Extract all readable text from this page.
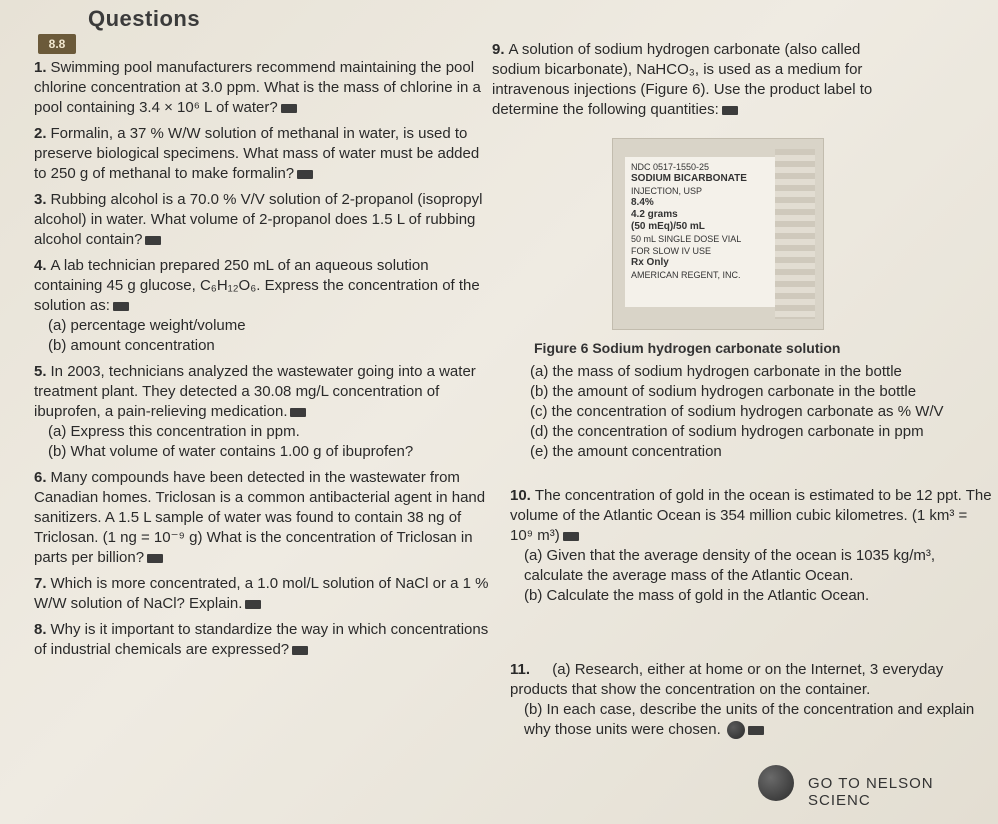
8.8
Questions
1. Swimming pool manufacturers recommend maintaining the pool chlorine concentration at 3.0 ppm. What is the mass of chlorine in a pool containing 3.4 × 10⁶ L of water?
2. Formalin, a 37 % W/W solution of methanal in water, is used to preserve biological specimens. What mass of water must be added to 250 g of methanal to make formalin?
3. Rubbing alcohol is a 70.0 % V/V solution of 2-propanol (isopropyl alcohol) in water. What volume of 2-propanol does 1.5 L of rubbing alcohol contain?
4. A lab technician prepared 250 mL of an aqueous solution containing 45 g glucose, C₆H₁₂O₆. Express the concentration of the solution as:
(a) percentage weight/volume
(b) amount concentration
5. In 2003, technicians analyzed the wastewater going into a water treatment plant. They detected a 30.08 mg/L concentration of ibuprofen, a pain-relieving medication.
(a) Express this concentration in ppm.
(b) What volume of water contains 1.00 g of ibuprofen?
6. Many compounds have been detected in the wastewater from Canadian homes. Triclosan is a common antibacterial agent in hand sanitizers. A 1.5 L sample of water was found to contain 38 ng of Triclosan. (1 ng = 10⁻⁹ g) What is the concentration of Triclosan in parts per billion?
7. Which is more concentrated, a 1.0 mol/L solution of NaCl or a 1 % W/W solution of NaCl? Explain.
8. Why is it important to standardize the way in which concentrations of industrial chemicals are expressed?
9. A solution of sodium hydrogen carbonate (also called sodium bicarbonate), NaHCO₃, is used as a medium for intravenous injections (Figure 6). Use the product label to determine the following quantities:
NDC 0517-1550-25
SODIUM BICARBONATE
INJECTION, USP
8.4%
4.2 grams
(50 mEq)/50 mL
50 mL SINGLE DOSE VIAL
FOR SLOW IV USE
Rx Only
AMERICAN REGENT, INC.
Figure 6 Sodium hydrogen carbonate solution
(a) the mass of sodium hydrogen carbonate in the bottle
(b) the amount of sodium hydrogen carbonate in the bottle
(c) the concentration of sodium hydrogen carbonate as % W/V
(d) the concentration of sodium hydrogen carbonate in ppm
(e) the amount concentration
10. The concentration of gold in the ocean is estimated to be 12 ppt. The volume of the Atlantic Ocean is 354 million cubic kilometres. (1 km³ = 10⁹ m³)
(a) Given that the average density of the ocean is 1035 kg/m³, calculate the average mass of the Atlantic Ocean.
(b) Calculate the mass of gold in the Atlantic Ocean.
11. (a) Research, either at home or on the Internet, 3 everyday products that show the concentration on the container.
(b) In each case, describe the units of the concentration and explain why those units were chosen.
GO TO NELSON SCIENC
